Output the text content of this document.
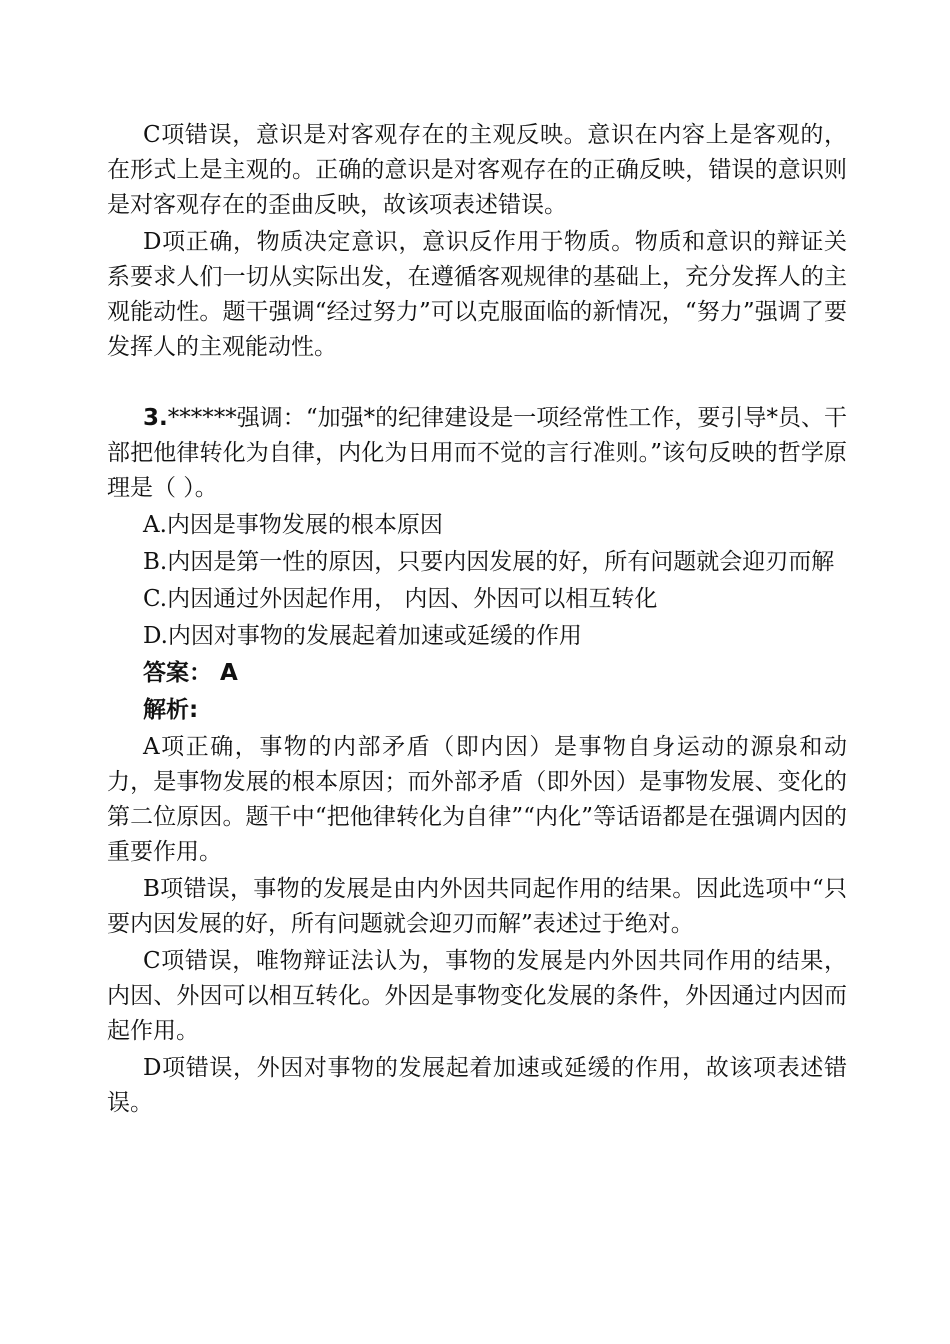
C项错误，意识是对客观存在的主观反映。意识在内容上是客观的，在形式上是主观的。正确的意识是对客观存在的正确反映，错误的意识则是对客观存在的歪曲反映，故该项表述错误。

D项正确，物质决定意识，意识反作用于物质。物质和意识的辩证关系要求人们一切从实际出发，在遵循客观规律的基础上，充分发挥人的主观能动性。题干强调“经过努力”可以克服面临的新情况，“努力”强调了要发挥人的主观能动性。

3.******强调：“加强*的纪律建设是一项经常性工作，要引导*员、干部把他律转化为自律，内化为日用而不觉的言行准则。”该句反映的哲学原理是（ ）。

A.内因是事物发展的根本原因

B.内因是第一性的原因，只要内因发展的好，所有问题就会迎刃而解

C.内因通过外因起作用， 内因、外因可以相互转化

D.内因对事物的发展起着加速或延缓的作用

答案： A

解析:

A项正确，事物的内部矛盾（即内因）是事物自身运动的源泉和动力，是事物发展的根本原因；而外部矛盾（即外因）是事物发展、变化的第二位原因。题干中“把他律转化为自律”“内化”等话语都是在强调内因的重要作用。

B项错误，事物的发展是由内外因共同起作用的结果。因此选项中“只要内因发展的好，所有问题就会迎刃而解”表述过于绝对。

C项错误，唯物辩证法认为，事物的发展是内外因共同作用的结果，内因、外因可以相互转化。外因是事物变化发展的条件，外因通过内因而起作用。

D项错误，外因对事物的发展起着加速或延缓的作用，故该项表述错误。
